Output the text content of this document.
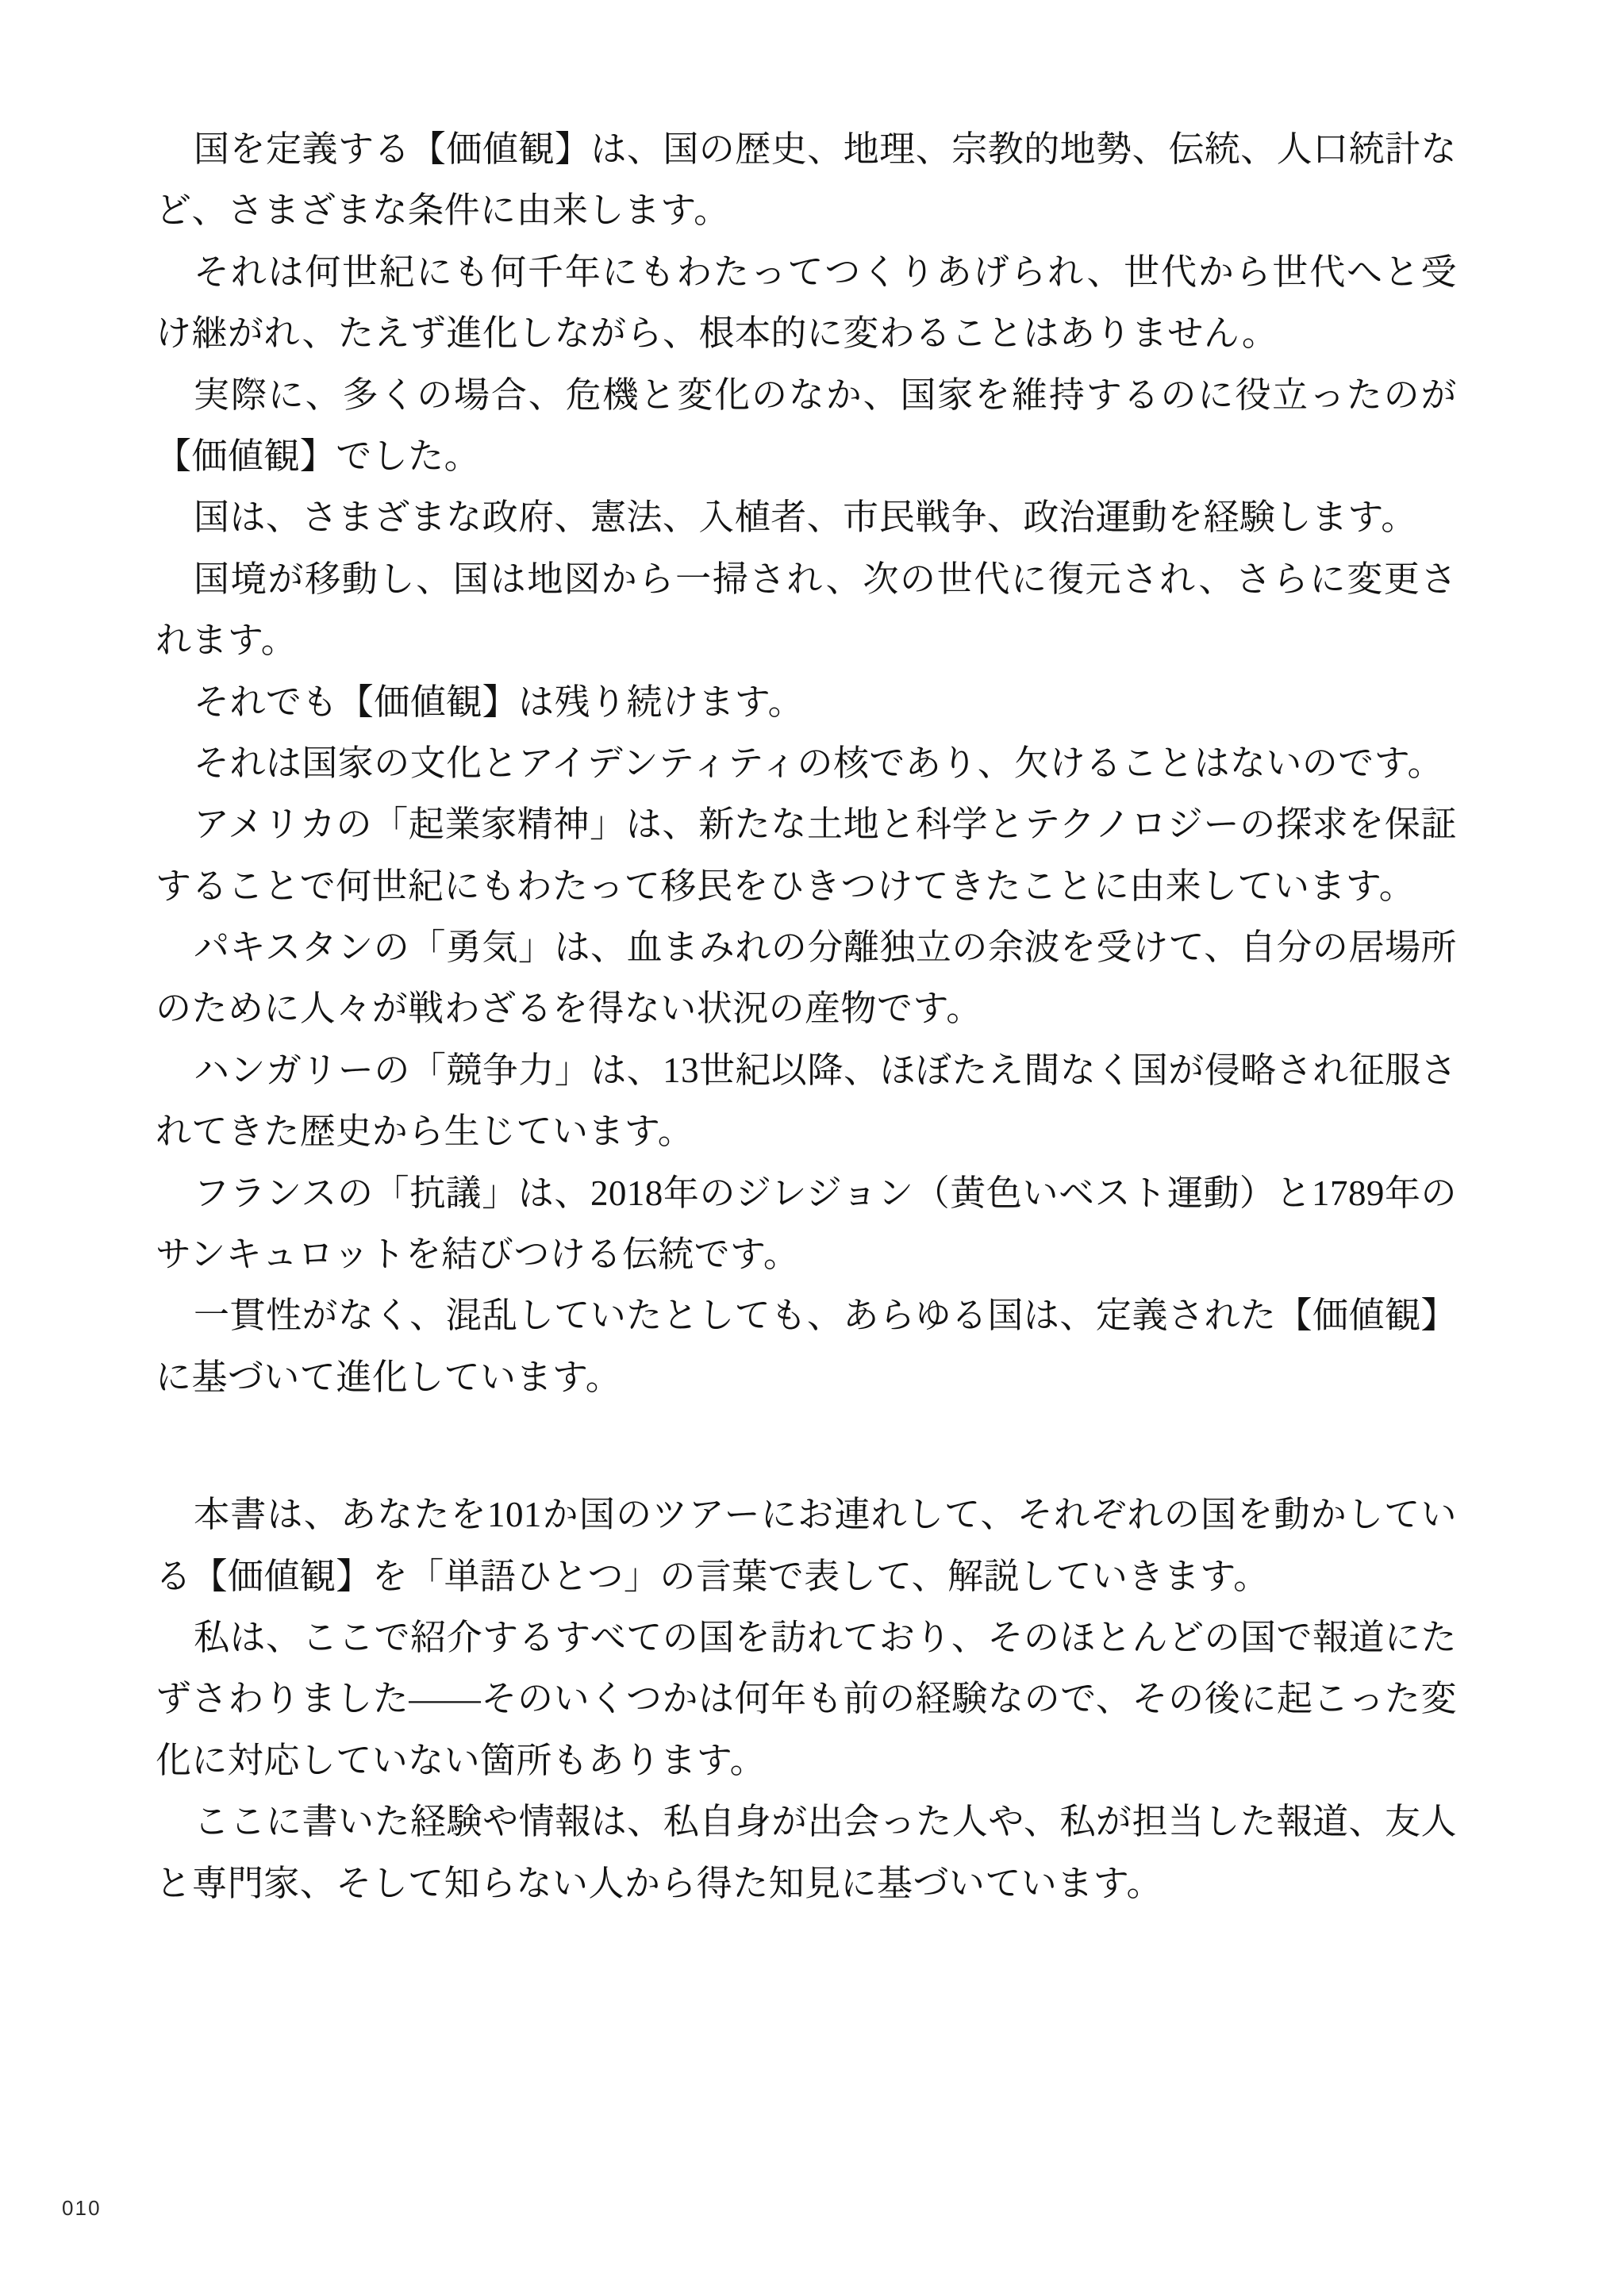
国を定義する【価値観】は、国の歴史、地理、宗教的地勢、伝統、人口統計など、さまざまな条件に由来します。

それは何世紀にも何千年にもわたってつくりあげられ、世代から世代へと受け継がれ、たえず進化しながら、根本的に変わることはありません。

実際に、多くの場合、危機と変化のなか、国家を維持するのに役立ったのが【価値観】でした。

国は、さまざまな政府、憲法、入植者、市民戦争、政治運動を経験します。

国境が移動し、国は地図から一掃され、次の世代に復元され、さらに変更されます。

それでも【価値観】は残り続けます。

それは国家の文化とアイデンティティの核であり、欠けることはないのです。

アメリカの「起業家精神」は、新たな土地と科学とテクノロジーの探求を保証することで何世紀にもわたって移民をひきつけてきたことに由来しています。

パキスタンの「勇気」は、血まみれの分離独立の余波を受けて、自分の居場所のために人々が戦わざるを得ない状況の産物です。

ハンガリーの「競争力」は、13世紀以降、ほぼたえ間なく国が侵略され征服されてきた歴史から生じています。

フランスの「抗議」は、2018年のジレジョン（黄色いベスト運動）と1789年のサンキュロットを結びつける伝統です。

一貫性がなく、混乱していたとしても、あらゆる国は、定義された【価値観】に基づいて進化しています。

本書は、あなたを101か国のツアーにお連れして、それぞれの国を動かしている【価値観】を「単語ひとつ」の言葉で表して、解説していきます。

私は、ここで紹介するすべての国を訪れており、そのほとんどの国で報道にたずさわりました——そのいくつかは何年も前の経験なので、その後に起こった変化に対応していない箇所もあります。

ここに書いた経験や情報は、私自身が出会った人や、私が担当した報道、友人と専門家、そして知らない人から得た知見に基づいています。

010
